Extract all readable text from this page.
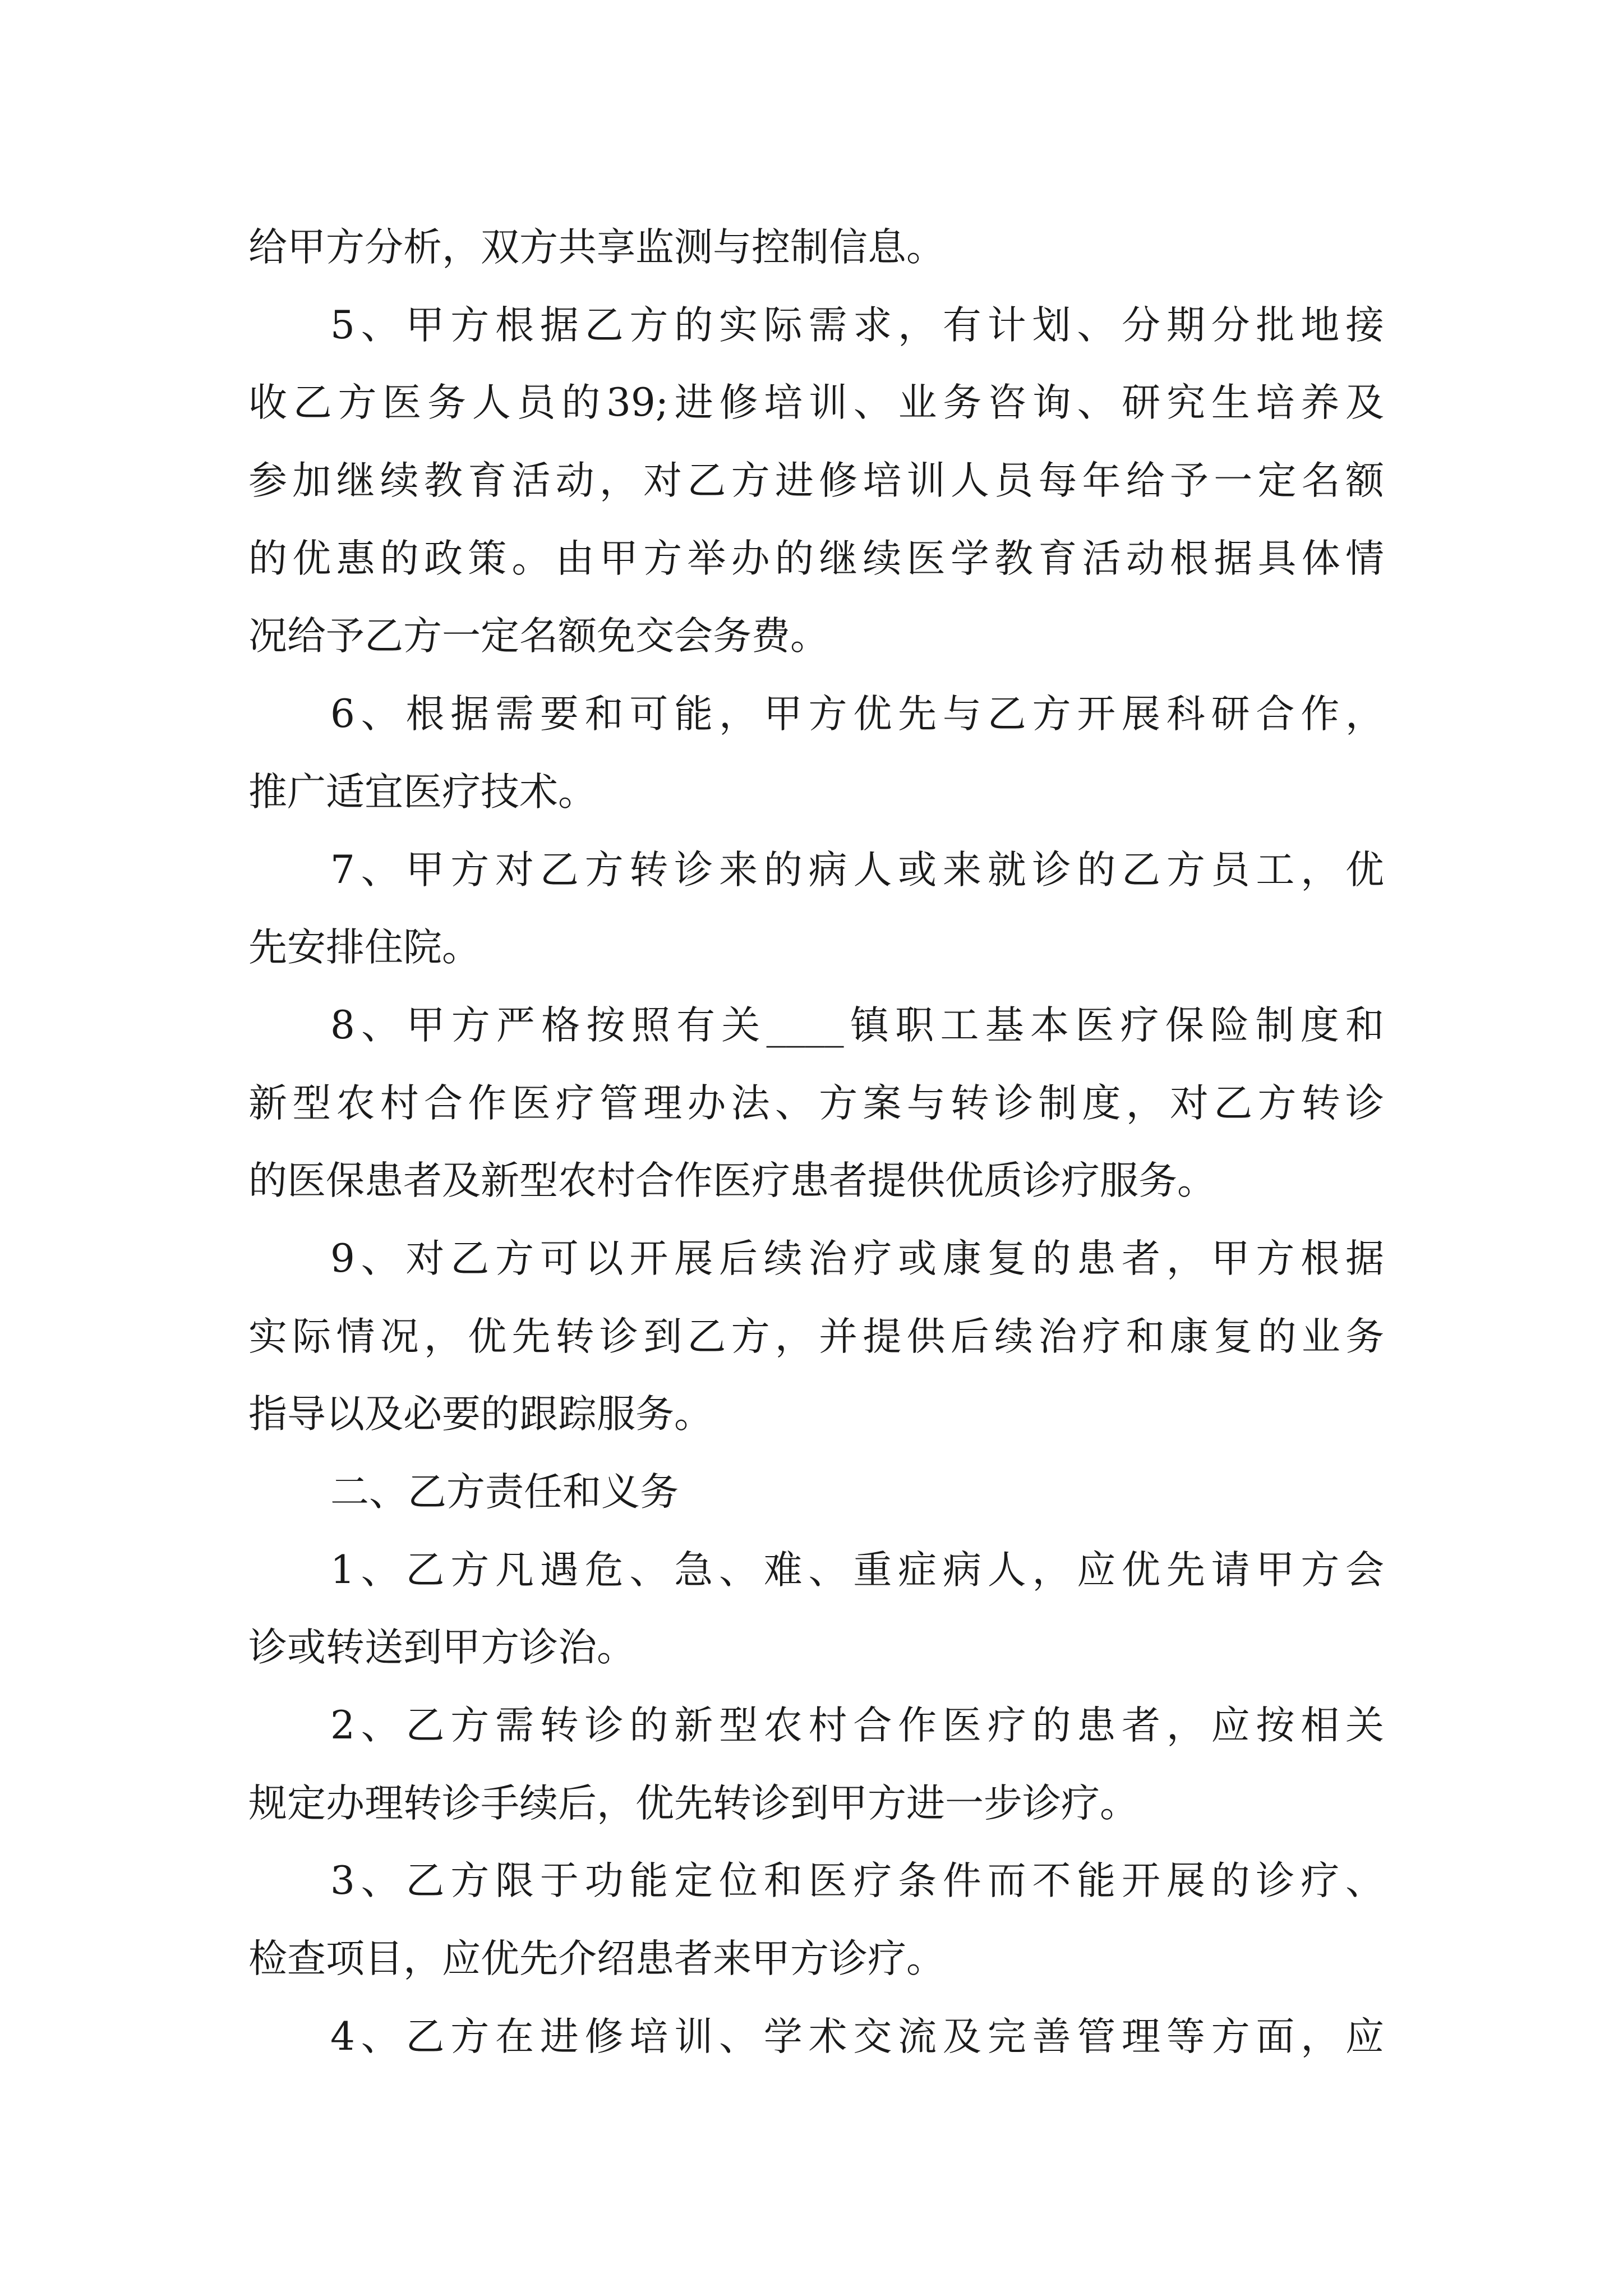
给甲方分析，双方共享监测与控制信息。
5、甲方根据乙方的实际需求，有计划、分期分批地接
收乙方医务人员的39;进修培训、业务咨询、研究生培养及
参加继续教育活动，对乙方进修培训人员每年给予一定名额
的优惠的政策。由甲方举办的继续医学教育活动根据具体情
况给予乙方一定名额免交会务费。
6、根据需要和可能，甲方优先与乙方开展科研合作，
推广适宜医疗技术。
7、甲方对乙方转诊来的病人或来就诊的乙方员工，优
先安排住院。
8、甲方严格按照有关____镇职工基本医疗保险制度和
新型农村合作医疗管理办法、方案与转诊制度，对乙方转诊
的医保患者及新型农村合作医疗患者提供优质诊疗服务。
9、对乙方可以开展后续治疗或康复的患者，甲方根据
实际情况，优先转诊到乙方，并提供后续治疗和康复的业务
指导以及必要的跟踪服务。
二、乙方责任和义务
1、乙方凡遇危、急、难、重症病人，应优先请甲方会
诊或转送到甲方诊治。
2、乙方需转诊的新型农村合作医疗的患者，应按相关
规定办理转诊手续后，优先转诊到甲方进一步诊疗。
3、乙方限于功能定位和医疗条件而不能开展的诊疗、
检查项目，应优先介绍患者来甲方诊疗。
4、乙方在进修培训、学术交流及完善管理等方面，应
